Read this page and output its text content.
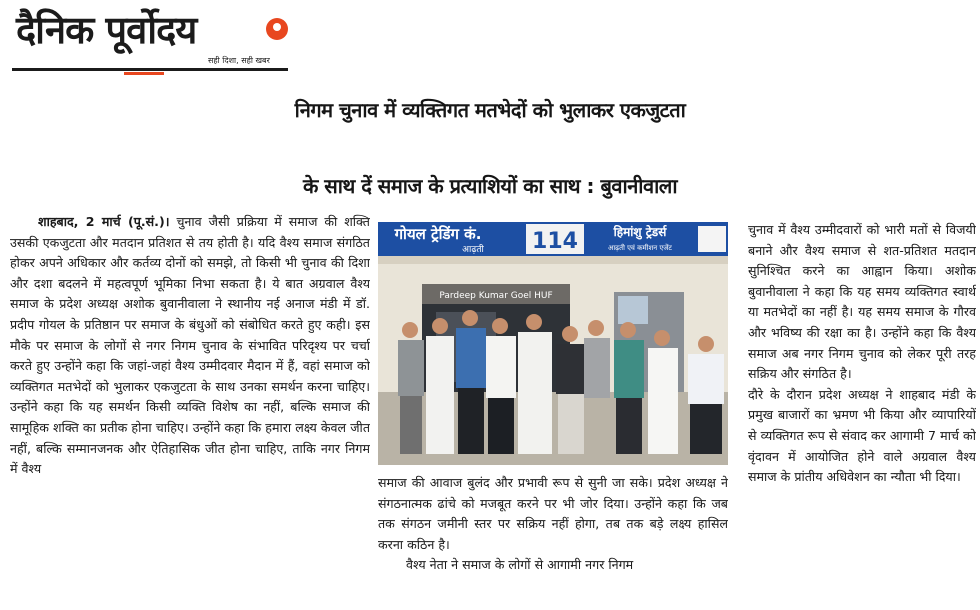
दैनिक पूर्वोदय
सही दिशा, सही खबर
निगम चुनाव में व्यक्तिगत मतभेदों को भुलाकर एकजुटता
के साथ दें समाज के प्रत्याशियों का साथ : बुवानीवाला

शाहबाद, 2 मार्च (पू.सं.)। चुनाव जैसी प्रक्रिया में समाज की शक्ति उसकी एकजुटता और मतदान प्रतिशत से तय होती है। यदि वैश्य समाज संगठित होकर अपने अधिकार और कर्तव्य दोनों को समझे, तो किसी भी चुनाव की दिशा और दशा बदलने में महत्वपूर्ण भूमिका निभा सकता है। ये बात अग्रवाल वैश्य समाज के प्रदेश अध्यक्ष अशोक बुवानीवाला ने स्थानीय नई अनाज मंडी में डॉ. प्रदीप गोयल के प्रतिष्ठान पर समाज के बंधुओं को संबोधित करते हुए कही। इस मौके पर समाज के लोगों से नगर निगम चुनाव के संभावित परिदृश्य पर चर्चा करते हुए उन्होंने कहा कि जहां-जहां वैश्य उम्मीदवार मैदान में हैं, वहां समाज को व्यक्तिगत मतभेदों को भुलाकर एकजुटता के साथ उनका समर्थन करना चाहिए। उन्होंने कहा कि यह समर्थन किसी व्यक्ति विशेष का नहीं, बल्कि समाज की सामूहिक शक्ति का प्रतीक होना चाहिए। उन्होंने कहा कि हमारा लक्ष्य केवल जीत नहीं, बल्कि सम्मानजनक और ऐतिहासिक जीत होना चाहिए, ताकि नगर निगम में वैश्य

गोयल ट्रेडिंग कं.
आढ़ती 114	हिमांशु ट्रेडर्स
आढ़ती एवं कमीशन एजेंट
Pardeep Kumar Goel HUF

समाज की आवाज बुलंद और प्रभावी रूप से सुनी जा सके। प्रदेश अध्यक्ष ने संगठनात्मक ढांचे को मजबूत करने पर भी जोर दिया। उन्होंने कहा कि जब तक संगठन जमीनी स्तर पर सक्रिय नहीं होगा, तब तक बड़े लक्ष्य हासिल करना कठिन है।

वैश्य नेता ने समाज के लोगों से आगामी नगर निगम

चुनाव में वैश्य उम्मीदवारों को भारी मतों से विजयी बनाने और वैश्य समाज से शत-प्रतिशत मतदान सुनिश्चित करने का आह्वान किया। अशोक बुवानीवाला ने कहा कि यह समय व्यक्तिगत स्वार्थ या मतभेदों का नहीं है। यह समय समाज के गौरव और भविष्य की रक्षा का है। उन्होंने कहा कि वैश्य समाज अब नगर निगम चुनाव को लेकर पूरी तरह सक्रिय और संगठित है।

दौरे के दौरान प्रदेश अध्यक्ष ने शाहबाद मंडी के प्रमुख बाजारों का भ्रमण भी किया और व्यापारियों से व्यक्तिगत रूप से संवाद कर आगामी 7 मार्च को वृंदावन में आयोजित होने वाले अग्रवाल वैश्य समाज के प्रांतीय अधिवेशन का न्यौता भी दिया।
